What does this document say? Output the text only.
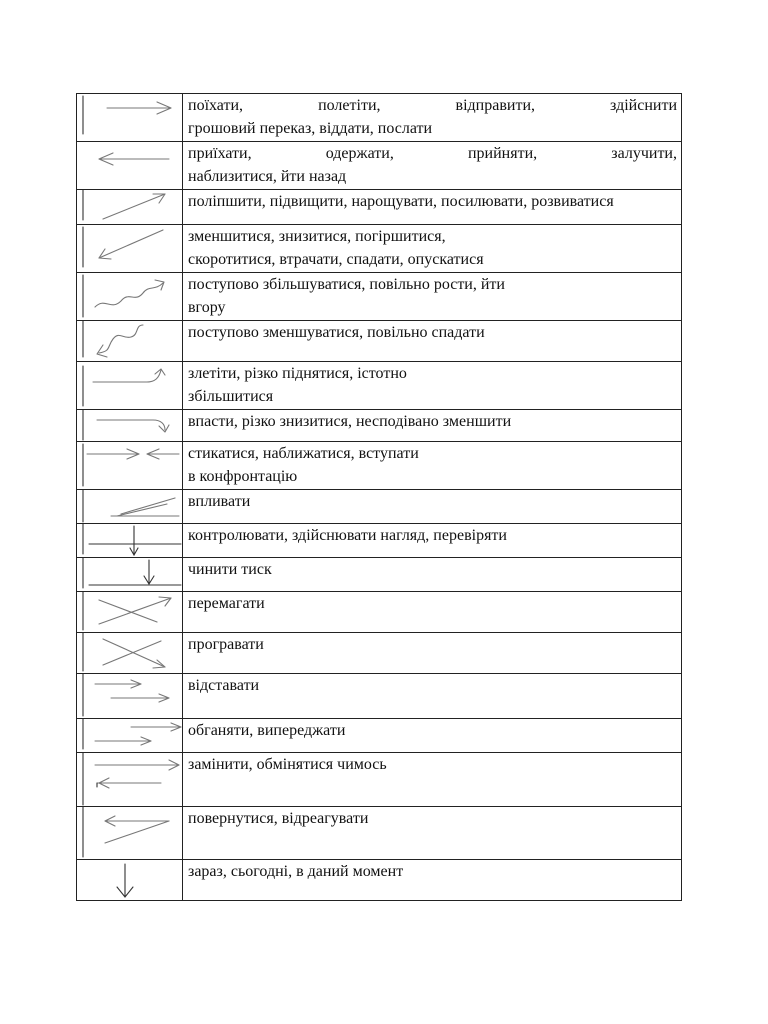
поїхати, полетіти, відправити, здійснити
грошовий переказ, віддати, послати

приїхати, одержати, прийняти, залучити,
наблизитися, йти назад

поліпшити, підвищити, нарощувати, посилювати, розвиватися

зменшитися, знизитися, погіршитися,
скоротитися, втрачати, спадати, опускатися

поступово збільшуватися, повільно рости, йти
вгору

поступово зменшуватися, повільно спадати

злетіти, різко піднятися, істотно
збільшитися

впасти, різко знизитися, несподівано зменшити

стикатися, наближатися, вступати
в конфронтацію

впливати

контролювати, здійснювати нагляд, перевіряти

чинити тиск

перемагати

програвати

відставати

обганяти, випереджати

замінити, обмінятися чимось

повернутися, відреагувати

зараз, сьогодні, в даний момент
